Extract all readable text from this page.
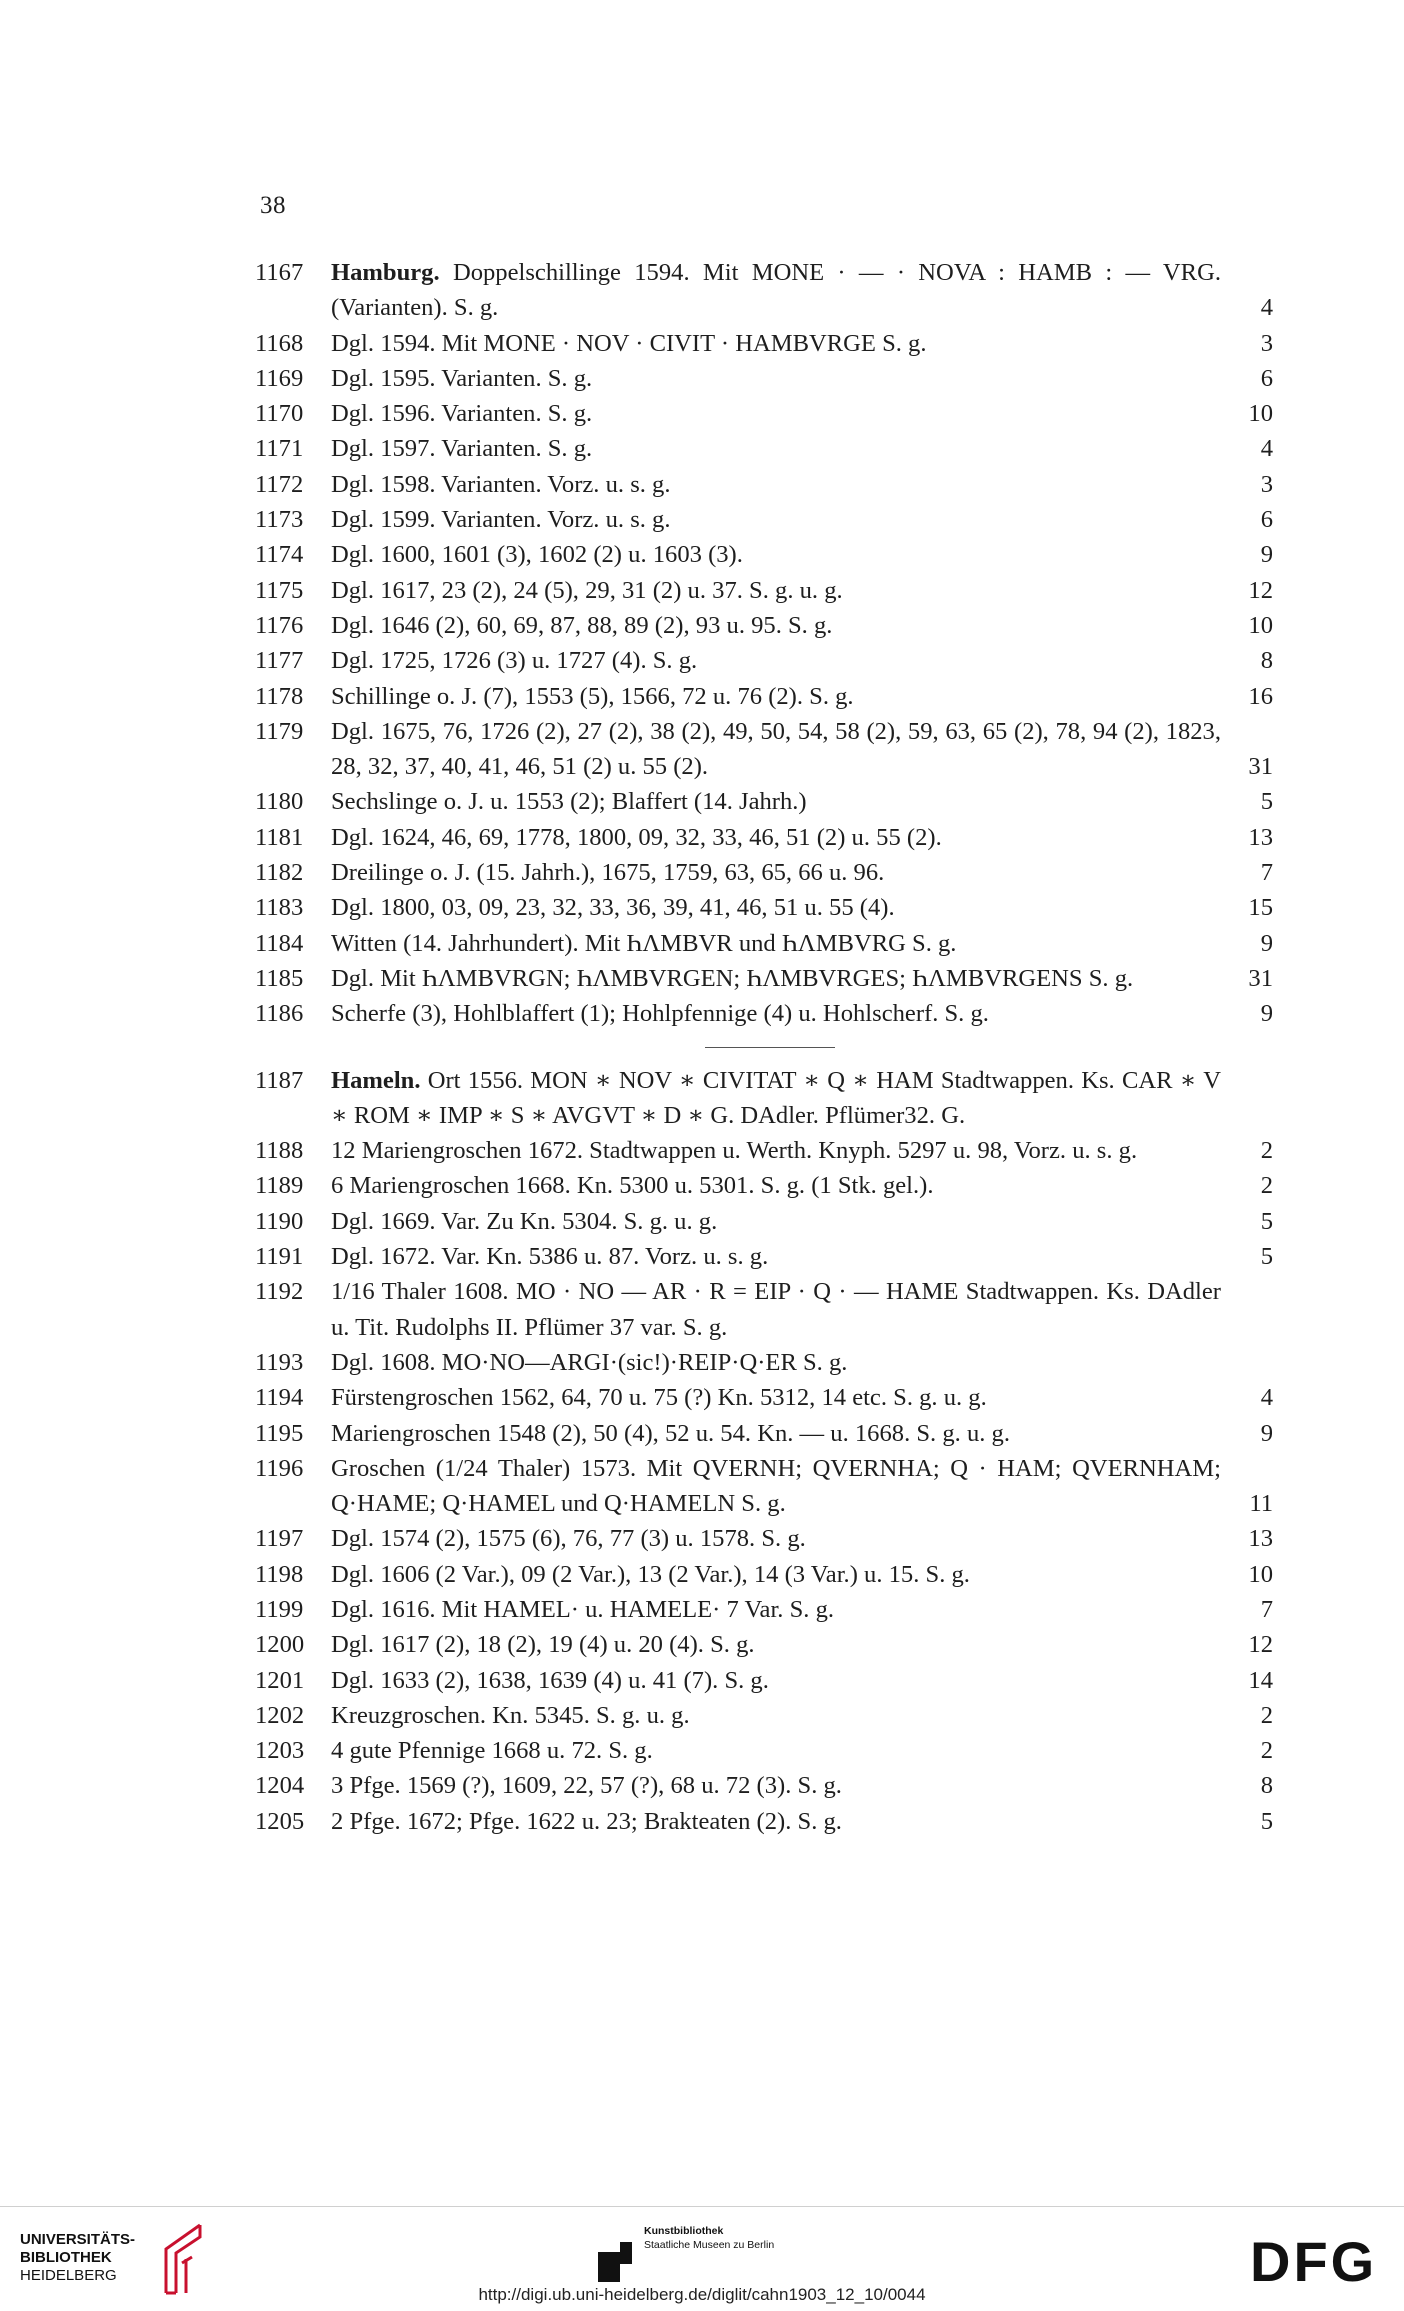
38
1167 Hamburg. Doppelschillinge 1594. Mit MONE · — · NOVA : HAMB : — VRG. (Varianten). S. g.	4
1168 Dgl. 1594. Mit MONE · NOV · CIVIT · HAMBVRGE S. g.	3
1169 Dgl. 1595. Varianten. S. g.	6
1170 Dgl. 1596. Varianten. S. g.	10
1171 Dgl. 1597. Varianten. S. g.	4
1172 Dgl. 1598. Varianten. Vorz. u. s. g.	3
1173 Dgl. 1599. Varianten. Vorz. u. s. g.	6
1174 Dgl. 1600, 1601 (3), 1602 (2) u. 1603 (3).	9
1175 Dgl. 1617, 23 (2), 24 (5), 29, 31 (2) u. 37. S. g. u. g.	12
1176 Dgl. 1646 (2), 60, 69, 87, 88, 89 (2), 93 u. 95. S. g.	10
1177 Dgl. 1725, 1726 (3) u. 1727 (4). S. g.	8
1178 Schillinge o. J. (7), 1553 (5), 1566, 72 u. 76 (2). S. g.	16
1179 Dgl. 1675, 76, 1726 (2), 27 (2), 38 (2), 49, 50, 54, 58 (2), 59, 63, 65 (2), 78, 94 (2), 1823, 28, 32, 37, 40, 41, 46, 51 (2) u. 55 (2).	31
1180 Sechslinge o. J. u. 1553 (2); Blaffert (14. Jahrh.)	5
1181 Dgl. 1624, 46, 69, 1778, 1800, 09, 32, 33, 46, 51 (2) u. 55 (2).	13
1182 Dreilinge o. J. (15. Jahrh.), 1675, 1759, 63, 65, 66 u. 96.	7
1183 Dgl. 1800, 03, 09, 23, 32, 33, 36, 39, 41, 46, 51 u. 55 (4).	15
1184 Witten (14. Jahrhundert). Mit ҺΛMBVR und ҺΛMBVRG S. g.	9
1185 Dgl. Mit ҺΛMBVRGN; ҺΛMBVRGEN; ҺΛMBVRGES; ҺΛMBVRGENS S. g.	31
1186 Scherfe (3), Hohlblaffert (1); Hohlpfennige (4) u. Hohlscherf. S. g.	9
1187 Hameln. Ort 1556. MON ∗ NOV ∗ CIVITAT ∗ Q ∗ HAM Stadtwappen. Ks. CAR ∗ V ∗ ROM ∗ IMP ∗ S ∗ AVGVT ∗ D ∗ G. DAdler. Pflümer32. G.
1188 12 Mariengroschen 1672. Stadtwappen u. Werth. Knyph. 5297 u. 98, Vorz. u. s. g.	2
1189 6 Mariengroschen 1668. Kn. 5300 u. 5301. S. g. (1 Stk. gel.).	2
1190 Dgl. 1669. Var. Zu Kn. 5304. S. g. u. g.	5
1191 Dgl. 1672. Var. Kn. 5386 u. 87. Vorz. u. s. g.	5
1192 1/16 Thaler 1608. MO · NO — AR · R = EIP · Q · — HAME Stadtwappen. Ks. DAdler u. Tit. Rudolphs II. Pflümer 37 var. S. g.
1193 Dgl. 1608. MO·NO—ARGI·(sic!)·REIP·Q·ER S. g.
1194 Fürstengroschen 1562, 64, 70 u. 75 (?) Kn. 5312, 14 etc. S. g. u. g.	4
1195 Mariengroschen 1548 (2), 50 (4), 52 u. 54. Kn. — u. 1668. S. g. u. g.	9
1196 Groschen (1/24 Thaler) 1573. Mit QVERNH; QVERNHA; Q · HAM; QVERNHAM; Q·HAME; Q·HAMEL und Q·HAMELN S. g.	11
1197 Dgl. 1574 (2), 1575 (6), 76, 77 (3) u. 1578. S. g.	13
1198 Dgl. 1606 (2 Var.), 09 (2 Var.), 13 (2 Var.), 14 (3 Var.) u. 15. S. g.	10
1199 Dgl. 1616. Mit HAMEL· u. HAMELE· 7 Var. S. g.	7
1200 Dgl. 1617 (2), 18 (2), 19 (4) u. 20 (4). S. g.	12
1201 Dgl. 1633 (2), 1638, 1639 (4) u. 41 (7). S. g.	14
1202 Kreuzgroschen. Kn. 5345. S. g. u. g.	2
1203 4 gute Pfennige 1668 u. 72. S. g.	2
1204 3 Pfge. 1569 (?), 1609, 22, 57 (?), 68 u. 72 (3). S. g.	8
1205 2 Pfge. 1672; Pfge. 1622 u. 23; Brakteaten (2). S. g.	5
UNIVERSITÄTS-
BIBLIOTHEK
HEIDELBERG
Kunstbibliothek
Staatliche Museen zu Berlin	DFG
http://digi.ub.uni-heidelberg.de/diglit/cahn1903_12_10/0044
